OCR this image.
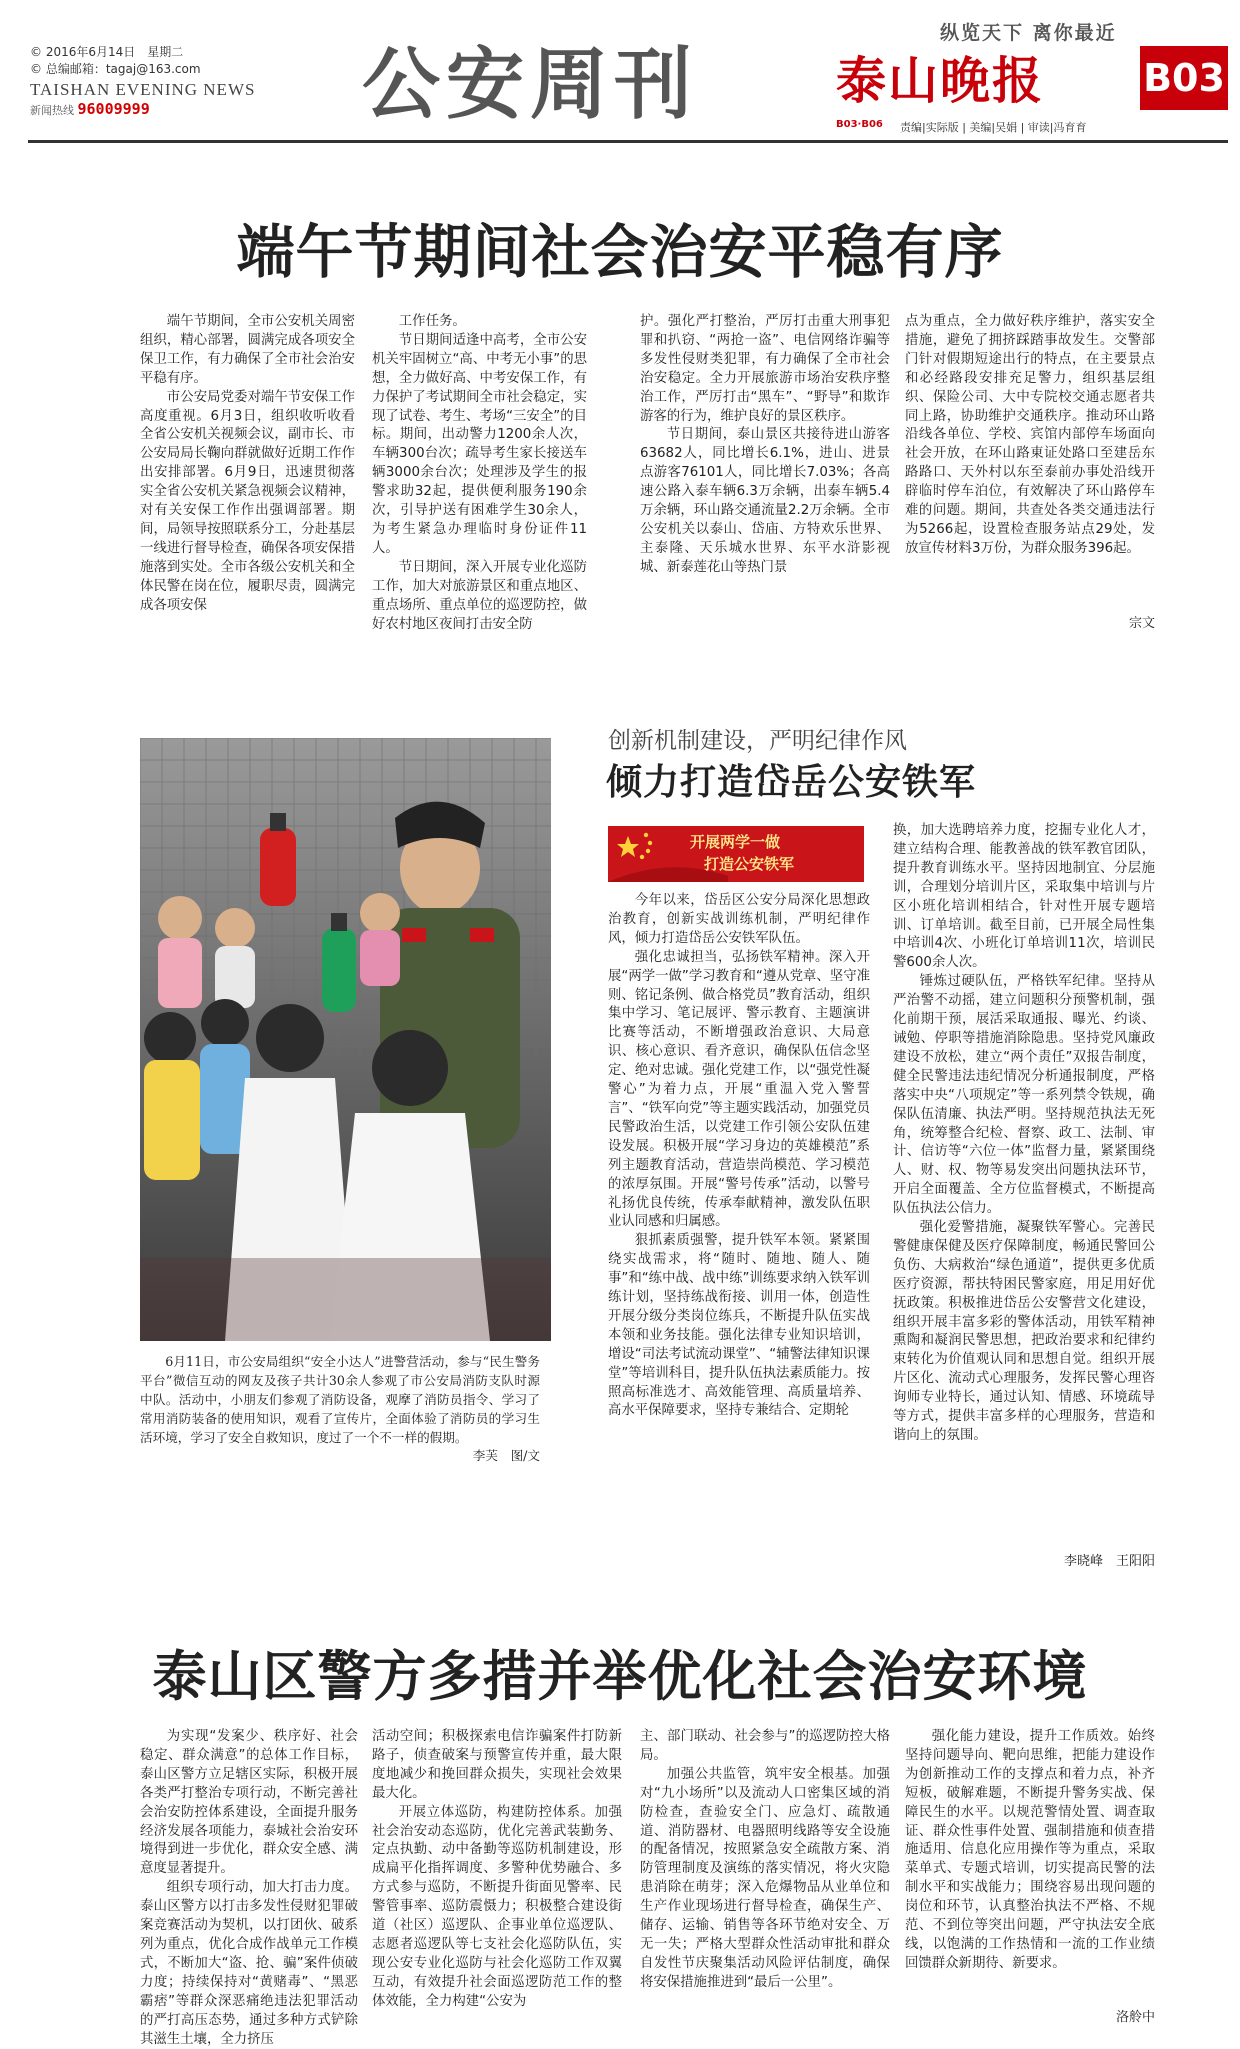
© 2016年6月14日　星期二
© 总编邮箱：tagaj@163.com
TAISHAN EVENING NEWS
新闻热线 96009999	公安周刊
纵览天下 离你最近
泰山晚报	B03
B03·B06 责编|实际版 | 美编|吴娟 | 审读|冯育育
端午节期间社会治安平稳有序

端午节期间，全市公安机关周密组织，精心部署，圆满完成各项安全保卫工作，有力确保了全市社会治安平稳有序。

市公安局党委对端午节安保工作高度重视。6月3日，组织收听收看全省公安机关视频会议，副市长、市公安局局长鞠向群就做好近期工作作出安排部署。6月9日，迅速贯彻落实全省公安机关紧急视频会议精神，对有关安保工作作出强调部署。期间，局领导按照联系分工，分赴基层一线进行督导检查，确保各项安保措施落到实处。全市各级公安机关和全体民警在岗在位，履职尽责，圆满完成各项安保

工作任务。

节日期间适逢中高考，全市公安机关牢固树立“高、中考无小事”的思想，全力做好高、中考安保工作，有力保护了考试期间全市社会稳定，实现了试卷、考生、考场“三安全”的目标。期间，出动警力1200余人次，车辆300台次；疏导考生家长接送车辆3000余台次；处理涉及学生的报警求助32起，提供便利服务190余次，引导护送有困难学生30余人，为考生紧急办理临时身份证件11人。

节日期间，深入开展专业化巡防工作，加大对旅游景区和重点地区、重点场所、重点单位的巡逻防控，做好农村地区夜间打击安全防

护。强化严打整治，严厉打击重大刑事犯罪和扒窃、“两抢一盗”、电信网络诈骗等多发性侵财类犯罪，有力确保了全市社会治安稳定。全力开展旅游市场治安秩序整治工作，严厉打击“黑车”、“野导”和欺诈游客的行为，维护良好的景区秩序。

节日期间，泰山景区共接待进山游客63682人，同比增长6.1%，进山、进景点游客76101人，同比增长7.03%；各高速公路入泰车辆6.3万余辆，出泰车辆5.4万余辆，环山路交通流量2.2万余辆。全市公安机关以泰山、岱庙、方特欢乐世界、主泰隆、天乐城水世界、东平水浒影视城、新泰莲花山等热门景

点为重点，全力做好秩序维护，落实安全措施，避免了拥挤踩踏事故发生。交警部门针对假期短途出行的特点，在主要景点和必经路段安排充足警力，组织基层组织、保险公司、大中专院校交通志愿者共同上路，协助维护交通秩序。推动环山路沿线各单位、学校、宾馆内部停车场面向社会开放，在环山路東证处路口至建岳东路路口、天外村以东至泰前办事处沿线开辟临时停车泊位，有效解决了环山路停车难的问题。期间，共查处各类交通违法行为5266起，设置检查服务站点29处，发放宣传材料3万份，为群众服务396起。

宗文

6月11日，市公安局组织“安全小达人”进警营活动，参与“民生警务平台”微信互动的网友及孩子共计30余人参观了市公安局消防支队时源中队。活动中，小朋友们参观了消防设备，观摩了消防员指令、学习了常用消防装备的使用知识，观看了宣传片，全面体验了消防员的学习生活环境，学习了安全自救知识，度过了一个不一样的假期。

李芙　图/文
创新机制建设，严明纪律作风
倾力打造岱岳公安铁军
开展两学一做
打造公安铁军

今年以来，岱岳区公安分局深化思想政治教育，创新实战训练机制，严明纪律作风，倾力打造岱岳公安铁军队伍。

强化忠诚担当，弘扬铁军精神。深入开展“两学一做”学习教育和“遵从党章、坚守准则、铭记条例、做合格党员”教育活动，组织集中学习、笔记展评、警示教育、主题演讲比赛等活动，不断增强政治意识、大局意识、核心意识、看齐意识，确保队伍信念坚定、绝对忠诚。强化党建工作，以“强党性凝警心”为着力点，开展“重温入党入警誓言”、“铁军向党”等主题实践活动，加强党员民警政治生活，以党建工作引领公安队伍建设发展。积极开展“学习身边的英雄模范”系列主题教育活动，营造崇尚模范、学习模范的浓厚氛围。开展“警号传承”活动，以警号礼扬优良传统，传承奉献精神，激发队伍职业认同感和归属感。

狠抓素质强警，提升铁军本领。紧紧围绕实战需求，将“随时、随地、随人、随事”和“练中战、战中练”训练要求纳入铁军训练计划，坚持练战衔接、训用一体，创造性开展分级分类岗位练兵，不断提升队伍实战本领和业务技能。强化法律专业知识培训，增设“司法考试流动课堂”、“辅警法律知识课堂”等培训科目，提升队伍执法素质能力。按照高标准选才、高效能管理、高质量培养、高水平保障要求，坚持专兼结合、定期轮

换，加大选聘培养力度，挖掘专业化人才，建立结构合理、能教善战的铁军教官团队，提升教育训练水平。坚持因地制宜、分层施训，合理划分培训片区，采取集中培训与片区小班化培训相结合，针对性开展专题培训、订单培训。截至目前，已开展全局性集中培训4次、小班化订单培训11次，培训民警600余人次。

锤炼过硬队伍，严格铁军纪律。坚持从严治警不动摇，建立问题积分预警机制，强化前期干预，展活采取通报、曝光、约谈、诫勉、停职等措施消除隐患。坚持党风廉政建设不放松，建立“两个责任”双报告制度，健全民警违法违纪情况分析通报制度，严格落实中央“八项规定”等一系列禁令铁规，确保队伍清廉、执法严明。坚持规范执法无死角，统筹整合纪检、督察、政工、法制、审计、信访等“六位一体”监督力量，紧紧围绕人、财、权、物等易发突出问题执法环节，开启全面覆盖、全方位监督模式，不断提高队伍执法公信力。

强化爱警措施，凝聚铁军警心。完善民警健康保健及医疗保障制度，畅通民警回公负伤、大病救治“绿色通道”，提供更多优质医疗资源，帮扶特困民警家庭，用足用好优抚政策。积极推进岱岳公安警营文化建设，组织开展丰富多彩的警体活动，用铁军精神熏陶和凝润民警思想，把政治要求和纪律约束转化为价值观认同和思想自觉。组织开展片区化、流动式心理服务，发挥民警心理咨询师专业特长，通过认知、情感、环境疏导等方式，提供丰富多样的心理服务，营造和谐向上的氛围。

李晓峰　王阳阳
泰山区警方多措并举优化社会治安环境

为实现“发案少、秩序好、社会稳定、群众满意”的总体工作目标，泰山区警方立足辖区实际，积极开展各类严打整治专项行动，不断完善社会治安防控体系建设，全面提升服务经济发展各项能力，泰城社会治安环境得到进一步优化，群众安全感、满意度显著提升。

组织专项行动，加大打击力度。泰山区警方以打击多发性侵财犯罪破案竞赛活动为契机，以打团伙、破系列为重点，优化合成作战单元工作模式，不断加大“盗、抢、骗”案件侦破力度；持续保持对“黄赌毒”、“黑恶霸痞”等群众深恶痛绝违法犯罪活动的严打高压态势，通过多种方式铲除其滋生土壤，全力挤压

活动空间；积极探索电信诈骗案件打防新路子，侦查破案与预警宣传并重，最大限度地减少和挽回群众损失，实现社会效果最大化。

开展立体巡防，构建防控体系。加强社会治安动态巡防，优化完善武装勤务、定点执勤、动中备勤等巡防机制建设，形成扁平化指挥调度、多警种优势融合、多方式参与巡防，不断提升街面见警率、民警管事率、巡防震慑力；积极整合建设街道（社区）巡逻队、企事业单位巡逻队、志愿者巡逻队等七支社会化巡防队伍，实现公安专业化巡防与社会化巡防工作双翼互动，有效提升社会面巡逻防范工作的整体效能，全力构建“公安为

主、部门联动、社会参与”的巡逻防控大格局。

加强公共监管，筑牢安全根基。加强对“九小场所”以及流动人口密集区域的消防检查，查验安全门、应急灯、疏散通道、消防器材、电器照明线路等安全设施的配备情况，按照紧急安全疏散方案、消防管理制度及演练的落实情况，将火灾隐患消除在萌芽；深入危爆物品从业单位和生产作业现场进行督导检查，确保生产、储存、运输、销售等各环节绝对安全、万无一失；严格大型群众性活动审批和群众自发性节庆聚集活动风险评估制度，确保将安保措施推进到“最后一公里”。

强化能力建设，提升工作质效。始终坚持问题导向、靶向思维，把能力建设作为创新推动工作的支撑点和着力点，补齐短板，破解难题，不断提升警务实战、保障民生的水平。以规范警情处置、调查取证、群众性事件处置、强制措施和侦查措施适用、信息化应用操作等为重点，采取菜单式、专题式培训，切实提高民警的法制水平和实战能力；围绕容易出现问题的岗位和环节，认真整治执法不严格、不规范、不到位等突出问题，严守执法安全底线，以饱满的工作热情和一流的工作业绩回馈群众新期待、新要求。

洛舲中
